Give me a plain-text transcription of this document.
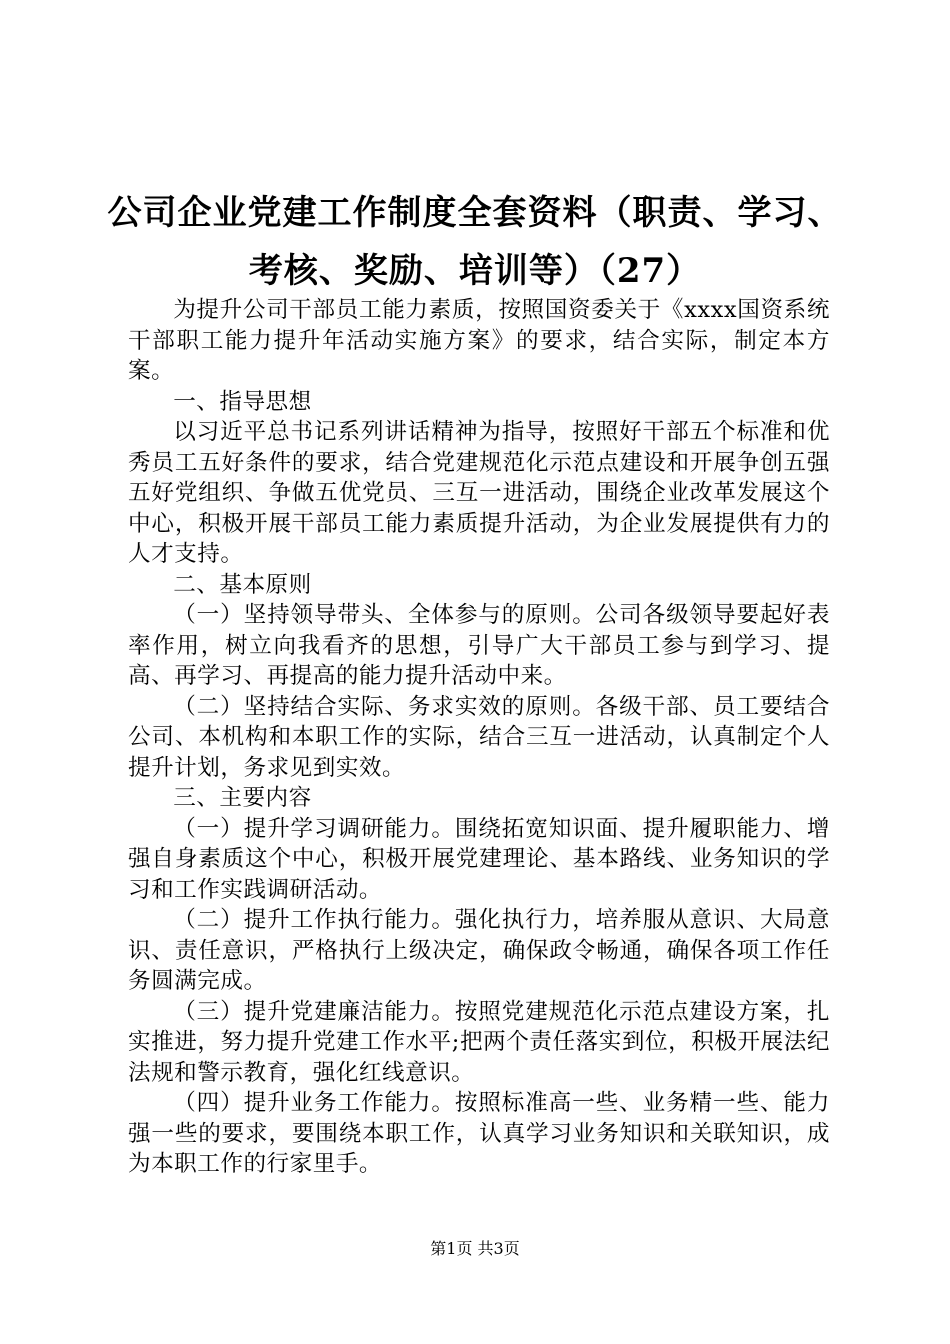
公司企业党建工作制度全套资料（职责、学习、
考核、奖励、培训等）（27）

为提升公司干部员工能力素质，按照国资委关于《xxxx国资系统干部职工能力提升年活动实施方案》的要求，结合实际，制定本方案。

一、指导思想

以习近平总书记系列讲话精神为指导，按照好干部五个标准和优秀员工五好条件的要求，结合党建规范化示范点建设和开展争创五强五好党组织、争做五优党员、三互一进活动，围绕企业改革发展这个中心，积极开展干部员工能力素质提升活动，为企业发展提供有力的人才支持。

二、基本原则

（一）坚持领导带头、全体参与的原则。公司各级领导要起好表率作用，树立向我看齐的思想，引导广大干部员工参与到学习、提高、再学习、再提高的能力提升活动中来。

（二）坚持结合实际、务求实效的原则。各级干部、员工要结合公司、本机构和本职工作的实际，结合三互一进活动，认真制定个人提升计划，务求见到实效。

三、主要内容

（一）提升学习调研能力。围绕拓宽知识面、提升履职能力、增强自身素质这个中心，积极开展党建理论、基本路线、业务知识的学习和工作实践调研活动。

（二）提升工作执行能力。强化执行力，培养服从意识、大局意识、责任意识，严格执行上级决定，确保政令畅通，确保各项工作任务圆满完成。

（三）提升党建廉洁能力。按照党建规范化示范点建设方案，扎实推进，努力提升党建工作水平;把两个责任落实到位，积极开展法纪法规和警示教育，强化红线意识。

（四）提升业务工作能力。按照标准高一些、业务精一些、能力强一些的要求，要围绕本职工作，认真学习业务知识和关联知识，成为本职工作的行家里手。

第1页 共3页
